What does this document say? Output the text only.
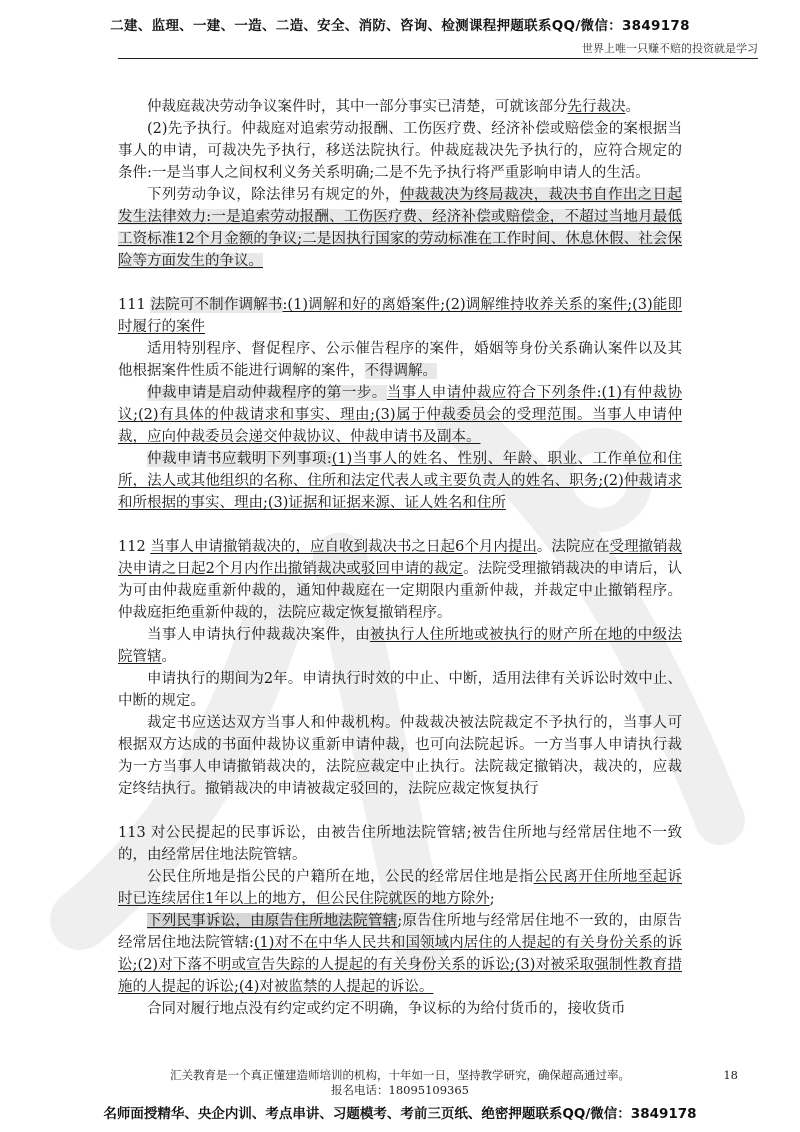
二建、监理、一建、一造、二造、安全、消防、咨询、检测课程押题联系QQ/微信：3849178
世界上唯一只赚不赔的投资就是学习

仲裁庭裁决劳动争议案件时，其中一部分事实已清楚，可就该部分先行裁决。

(2)先予执行。仲裁庭对追索劳动报酬、工伤医疗费、经济补偿或赔偿金的案根据当事人的申请，可裁决先予执行，移送法院执行。仲裁庭裁决先予执行的，应符合规定的条件:一是当事人之间权利义务关系明确;二是不先予执行将严重影响申请人的生活。

下列劳动争议，除法律另有规定的外，仲裁裁决为终局裁决，裁决书自作出之日起发生法律效力:一是追索劳动报酬、工伤医疗费、经济补偿或赔偿金，不超过当地月最低工资标准12个月金额的争议;二是因执行国家的劳动标准在工作时间、休息休假、社会保险等方面发生的争议。

111 法院可不制作调解书:(1)调解和好的离婚案件;(2)调解维持收养关系的案件;(3)能即时履行的案件

适用特别程序、督促程序、公示催告程序的案件，婚姻等身份关系确认案件以及其他根据案件性质不能进行调解的案件，不得调解。

仲裁申请是启动仲裁程序的第一步。当事人申请仲裁应符合下列条件:(1)有仲裁协议;(2)有具体的仲裁请求和事实、理由;(3)属于仲裁委员会的受理范围。当事人申请仲裁，应向仲裁委员会递交仲裁协议、仲裁申请书及副本。

仲裁申请书应载明下列事项:(1)当事人的姓名、性别、年龄、职业、工作单位和住所，法人或其他组织的名称、住所和法定代表人或主要负责人的姓名、职务;(2)仲裁请求和所根据的事实、理由;(3)证据和证据来源、证人姓名和住所

112 当事人申请撤销裁决的，应自收到裁决书之日起6个月内提出。法院应在受理撤销裁决申请之日起2个月内作出撤销裁决或驳回申请的裁定。法院受理撤销裁决的申请后，认为可由仲裁庭重新仲裁的，通知仲裁庭在一定期限内重新仲裁，并裁定中止撤销程序。仲裁庭拒绝重新仲裁的，法院应裁定恢复撤销程序。

当事人申请执行仲裁裁决案件，由被执行人住所地或被执行的财产所在地的中级法院管辖。

申请执行的期间为2年。申请执行时效的中止、中断，适用法律有关诉讼时效中止、中断的规定。

裁定书应送达双方当事人和仲裁机构。仲裁裁决被法院裁定不予执行的，当事人可根据双方达成的书面仲裁协议重新申请仲裁，也可向法院起诉。一方当事人申请执行裁为一方当事人申请撤销裁决的，法院应裁定中止执行。法院裁定撤销决，裁决的，应裁定终结执行。撤销裁决的申请被裁定驳回的，法院应裁定恢复执行

113 对公民提起的民事诉讼，由被告住所地法院管辖;被告住所地与经常居住地不一致的，由经常居住地法院管辖。

公民住所地是指公民的户籍所在地，公民的经常居住地是指公民离开住所地至起诉时已连续居住1年以上的地方，但公民住院就医的地方除外;

下列民事诉讼，由原告住所地法院管辖;原告住所地与经常居住地不一致的，由原告经常居住地法院管辖:(1)对不在中华人民共和国领域内居住的人提起的有关身份关系的诉讼;(2)对下落不明或宣告失踪的人提起的有关身份关系的诉讼;(3)对被采取强制性教育措施的人提起的诉讼;(4)对被监禁的人提起的诉讼。

合同对履行地点没有约定或约定不明确，争议标的为给付货币的，接收货币

汇关教育是一个真正懂建造师培训的机构，十年如一日，坚持教学研究，确保超高通过率。
报名电话：18095109365
18
名师面授精华、央企内训、考点串讲、习题模考、考前三页纸、绝密押题联系QQ/微信：3849178
